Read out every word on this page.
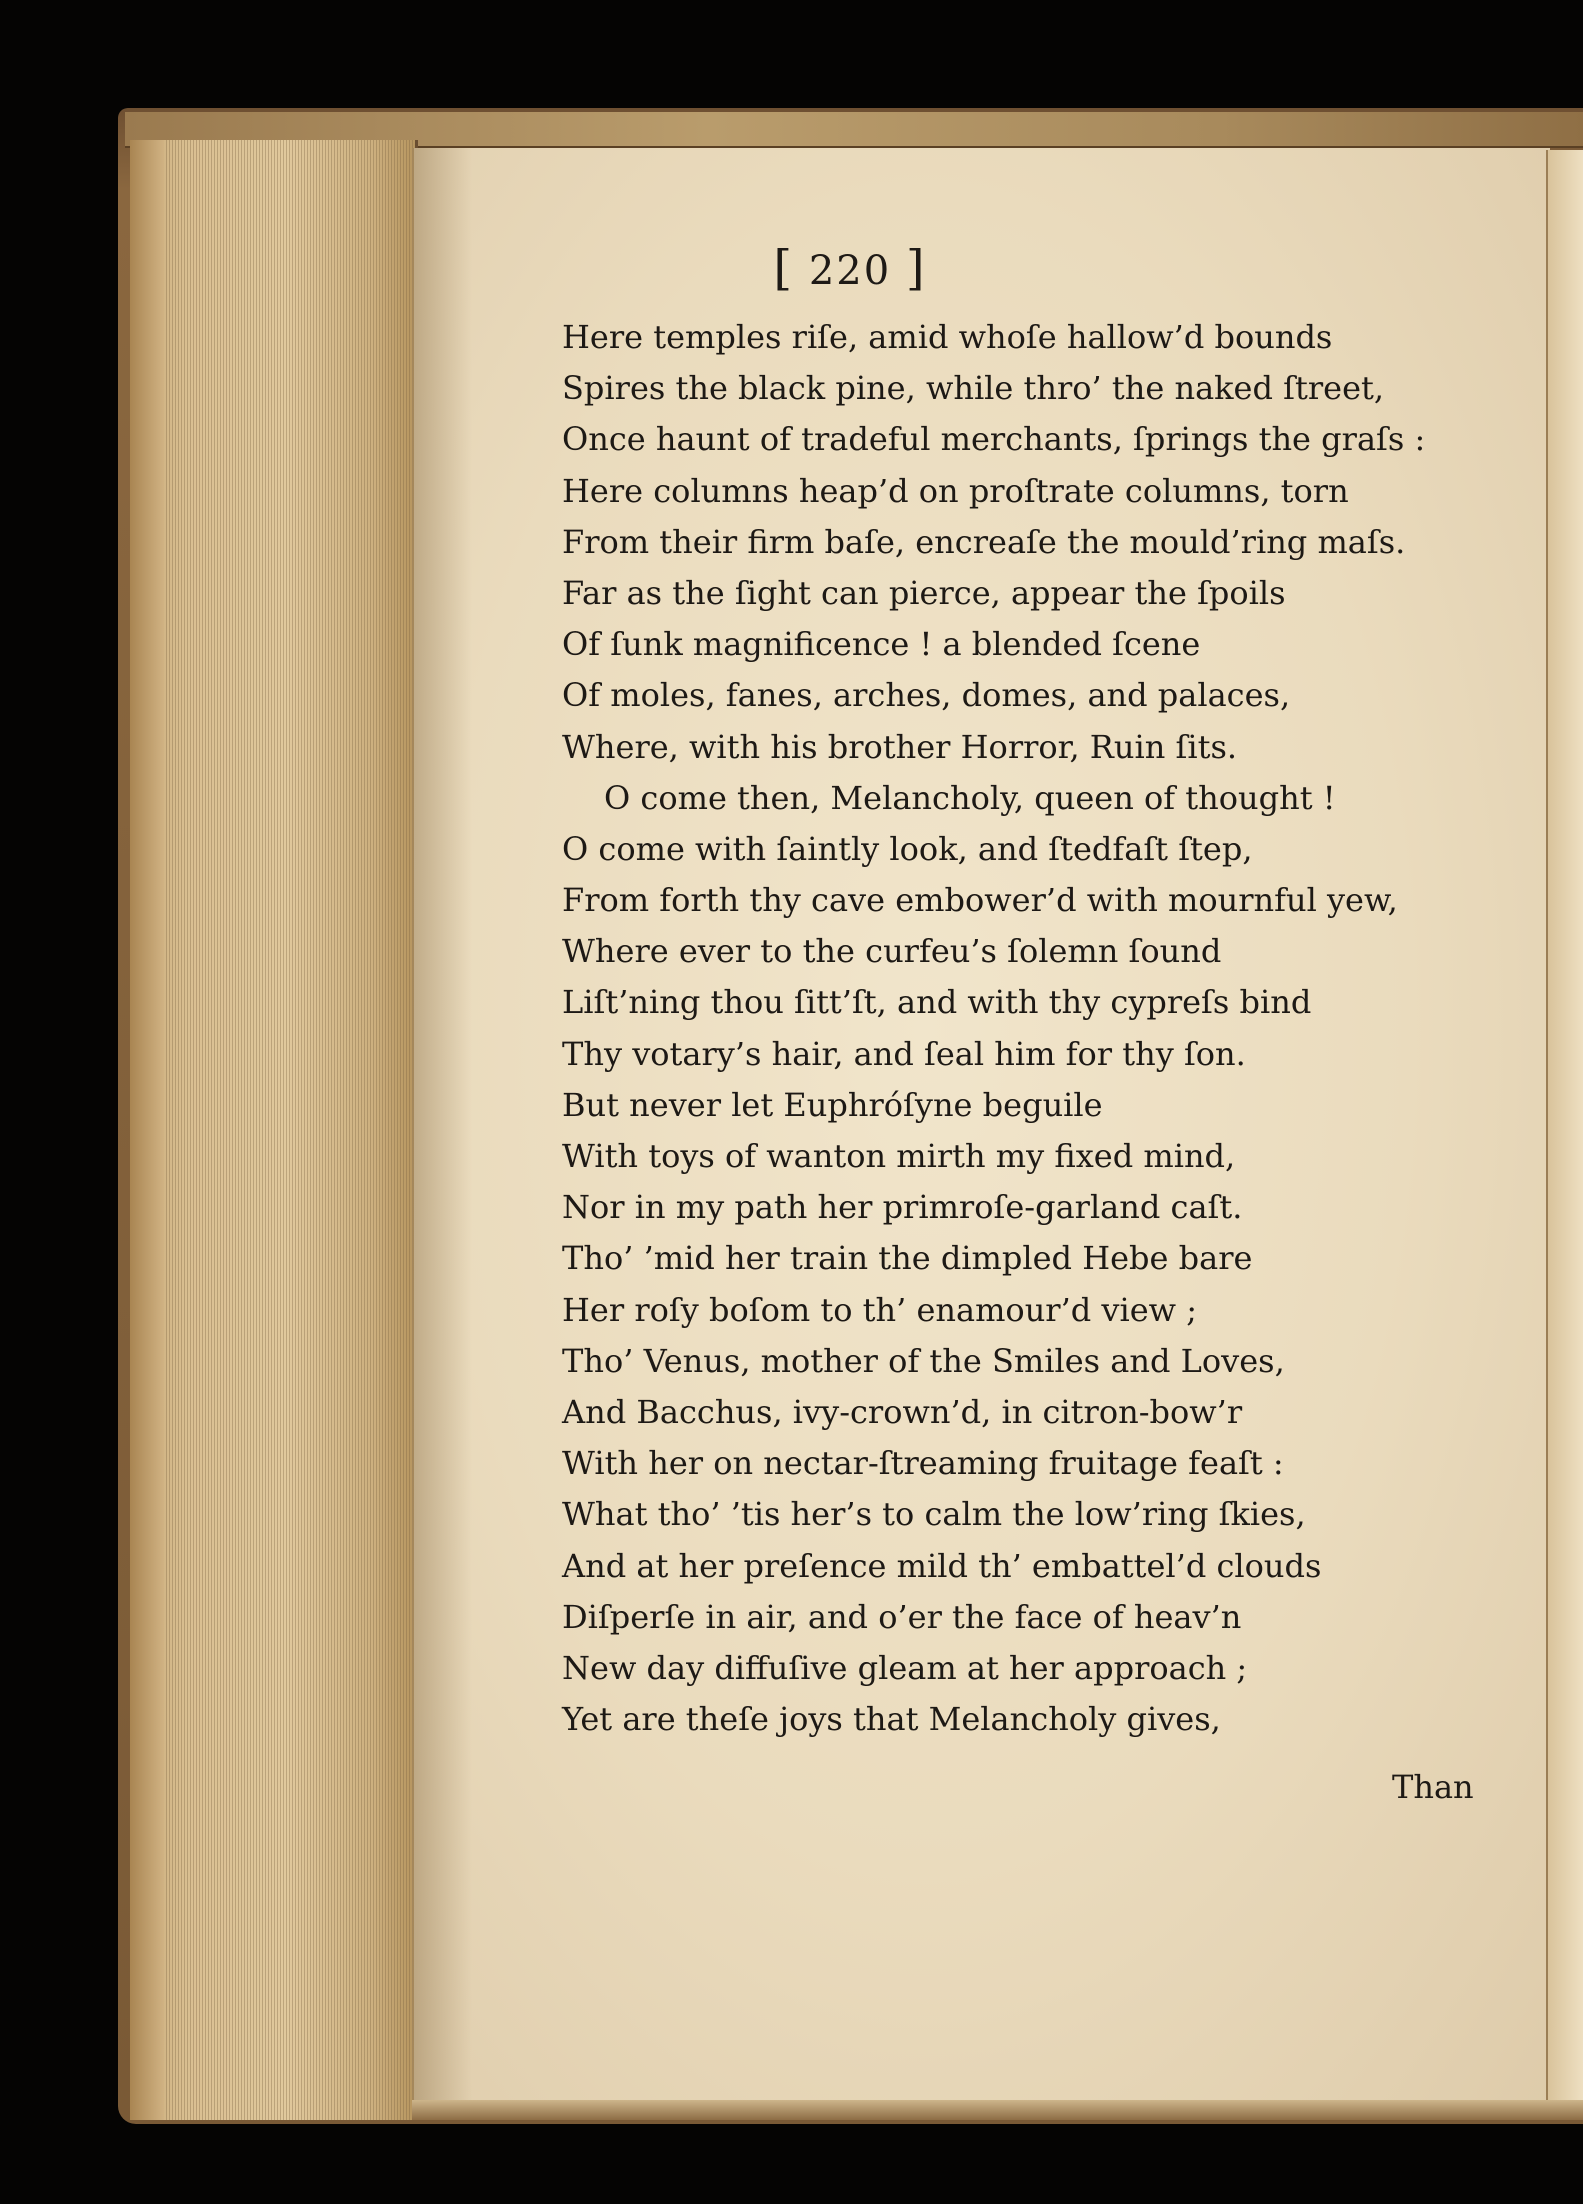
[ 220 ]
Here temples riſe, amid whoſe hallow’d bounds
Spires the black pine, while thro’ the naked ſtreet,
Once haunt of tradeful merchants, ſprings the graſs :
Here columns heap’d on proſtrate columns, torn
From their firm baſe, encreaſe the mould’ring maſs.
Far as the ſight can pierce, appear the ſpoils
Of ſunk magnificence ! a blended ſcene
Of moles, fanes, arches, domes, and palaces,
Where, with his brother Horror, Ruin ſits.
O come then, Melancholy, queen of thought !
O come with ſaintly look, and ſtedfaſt ſtep,
From forth thy cave embower’d with mournful yew,
Where ever to the curfeu’s ſolemn ſound
Liſt’ning thou ſitt’ſt, and with thy cypreſs bind
Thy votary’s hair, and ſeal him for thy ſon.
But never let Euphróſyne beguile
With toys of wanton mirth my fixed mind,
Nor in my path her primroſe-garland caſt.
Tho’ ’mid her train the dimpled Hebe bare
Her roſy boſom to th’ enamour’d view ;
Tho’ Venus, mother of the Smiles and Loves,
And Bacchus, ivy-crown’d, in citron-bow’r
With her on nectar-ſtreaming fruitage feaſt :
What tho’ ’tis her’s to calm the low’ring ſkies,
And at her preſence mild th’ embattel’d clouds
Diſperſe in air, and o’er the face of heav’n
New day diffuſive gleam at her approach ;
Yet are theſe joys that Melancholy gives,
Than
